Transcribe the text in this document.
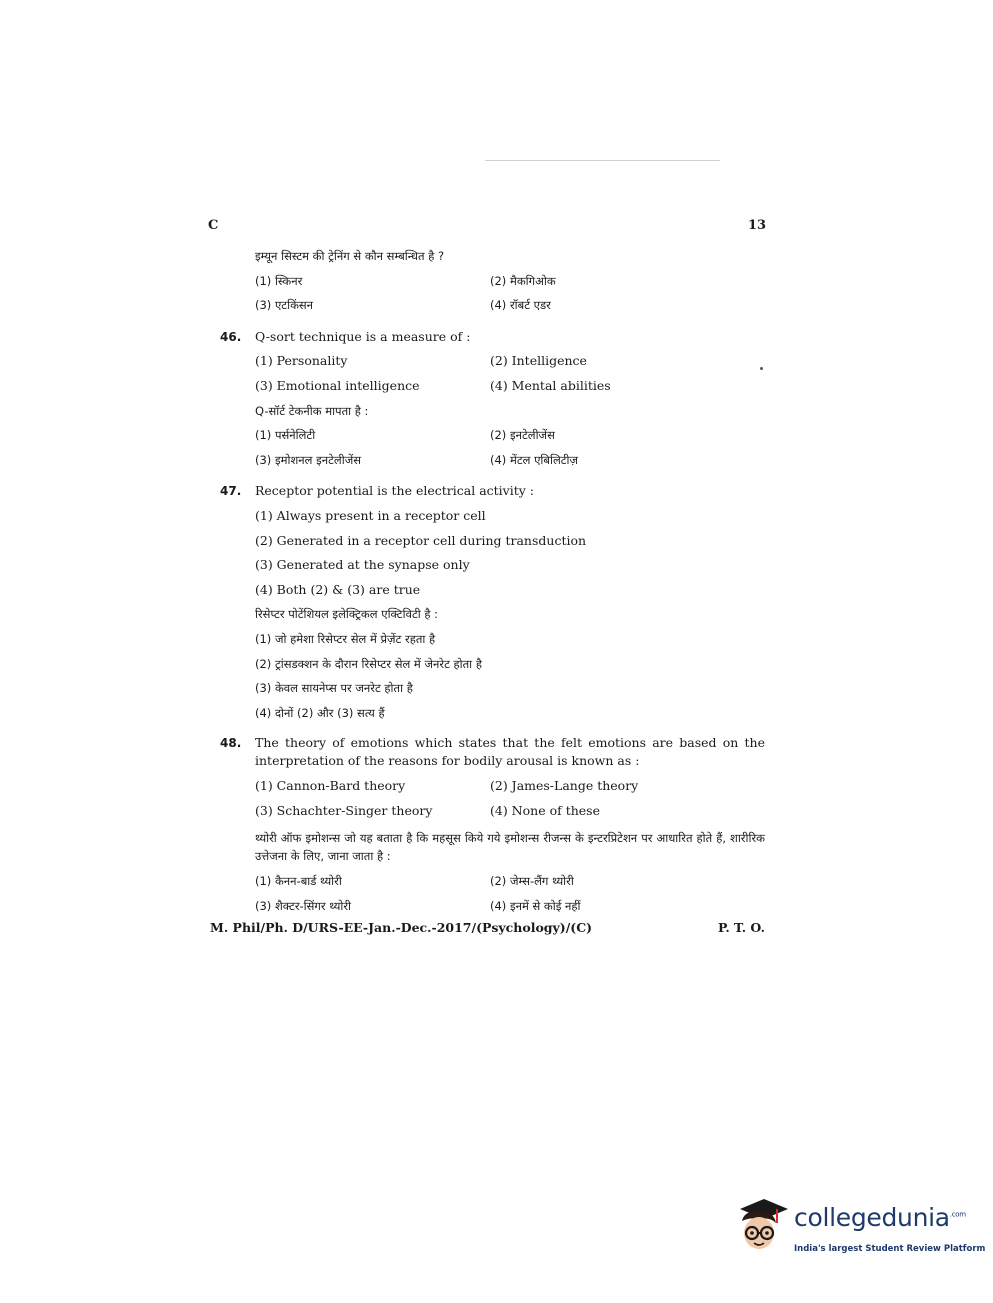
C	13
इम्यून सिस्टम की ट्रेनिंग से कौन सम्बन्धित है ?
(1) स्किनर	(2) मैकगिओक
(3) एटकिंसन	(4) रॉबर्ट एडर
46. Q-sort technique is a measure of :
(1) Personality	(2) Intelligence
(3) Emotional intelligence	(4) Mental abilities
Q-सॉर्ट टेकनीक मापता है :
(1) पर्सनेलिटी	(2) इनटेलीजेंस
(3) इमोशनल इनटेलीजेंस	(4) मेंटल एबिलिटीज़
47. Receptor potential is the electrical activity :
(1) Always present in a receptor cell
(2) Generated in a receptor cell during transduction
(3) Generated at the synapse only
(4) Both (2) & (3) are true
रिसेप्टर पोटेंशियल इलेक्ट्रिकल एक्टिविटी है :
(1) जो हमेशा रिसेप्टर सेल में प्रेज़ेंट रहता है
(2) ट्रांसडक्शन के दौरान रिसेप्टर सेल में जेनरेट होता है
(3) केवल सायनेप्स पर जनरेट होता है
(4) दोनों (2) और (3) सत्य हैं
48. The theory of emotions which states that the felt emotions are based on the interpretation of the reasons for bodily arousal is known as :
(1) Cannon-Bard theory	(2) James-Lange theory
(3) Schachter-Singer theory	(4) None of these
थ्योरी ऑफ इमोशन्स जो यह बताता है कि महसूस किये गये इमोशन्स रीजन्स के इन्टरप्रिटेशन पर आधारित होते हैं, शारीरिक उत्तेजना के लिए, जाना जाता है :
(1) कैनन-बार्ड थ्योरी	(2) जेम्स-लैंग थ्योरी
(3) शैक्टर-सिंगर थ्योरी	(4) इनमें से कोई नहीं
M. Phil/Ph. D/URS-EE-Jan.-Dec.-2017/(Psychology)/(C)	P. T. O.
collegedunia$^{.com}$
India's largest Student Review Platform
